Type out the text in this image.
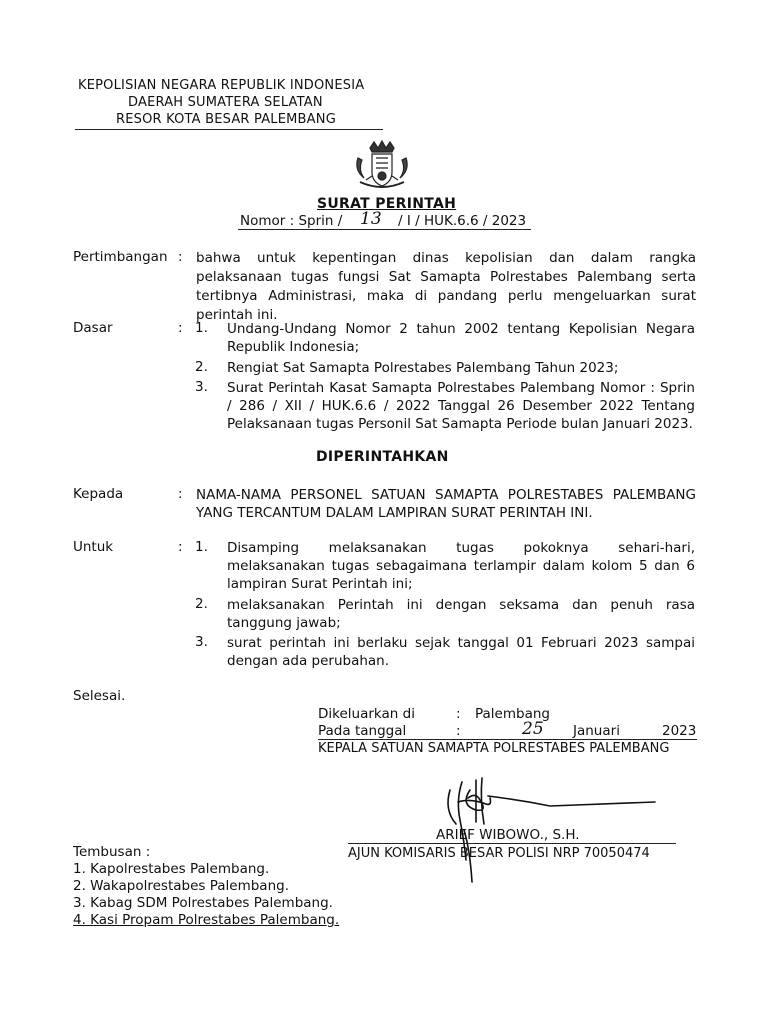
KEPOLISIAN NEGARA REPUBLIK INDONESIA
DAERAH SUMATERA SELATAN
RESOR KOTA BESAR PALEMBANG
SURAT PERINTAH
Nomor : Sprin / 13 / I / HUK.6.6 / 2023
Pertimbangan : bahwa untuk kepentingan dinas kepolisian dan dalam rangka pelaksanaan tugas fungsi Sat Samapta Polrestabes Palembang serta tertibnya Administrasi, maka di pandang perlu mengeluarkan surat perintah ini.
Dasar	: 1.	Undang-Undang Nomor 2 tahun 2002 tentang Kepolisian Negara Republik Indonesia;
2.	Rengiat Sat Samapta Polrestabes Palembang Tahun 2023;
3.	Surat Perintah Kasat Samapta Polrestabes Palembang Nomor : Sprin / 286 / XII / HUK.6.6 / 2022 Tanggal 26 Desember 2022 Tentang Pelaksanaan tugas Personil Sat Samapta Periode bulan Januari 2023.
DIPERINTAHKAN
Kepada	: NAMA-NAMA PERSONEL SATUAN SAMAPTA POLRESTABES PALEMBANG YANG TERCANTUM DALAM LAMPIRAN SURAT PERINTAH INI.
Untuk	: 1.	Disamping melaksanakan tugas pokoknya sehari-hari, melaksanakan tugas sebagaimana terlampir dalam kolom 5 dan 6 lampiran Surat Perintah ini;
2.	melaksanakan Perintah ini dengan seksama dan penuh rasa tanggung jawab;
3.	surat perintah ini berlaku sejak tanggal 01 Februari 2023 sampai dengan ada perubahan.
Selesai.
Dikeluarkan di	: Palembang
Pada tanggal	:	25 Januari	2023
KEPALA SATUAN SAMAPTA POLRESTABES PALEMBANG
ARIEF WIBOWO., S.H.
AJUN KOMISARIS BESAR POLISI NRP 70050474
Tembusan :
1. Kapolrestabes Palembang.
2. Wakapolrestabes Palembang.
3. Kabag SDM Polrestabes Palembang.
4. Kasi Propam Polrestabes Palembang.
